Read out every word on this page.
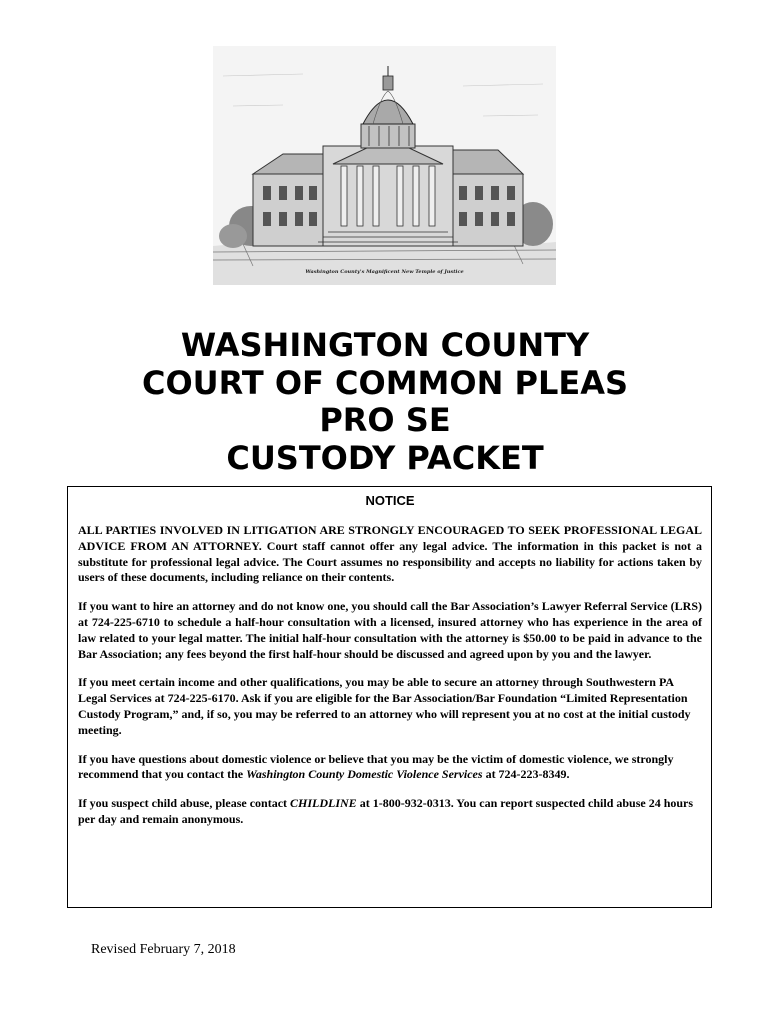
Washington County's Magnificent New Temple of Justice
WASHINGTON COUNTY
COURT OF COMMON PLEAS
PRO SE
CUSTODY PACKET
NOTICE

ALL PARTIES INVOLVED IN LITIGATION ARE STRONGLY ENCOURAGED TO SEEK PROFESSIONAL LEGAL ADVICE FROM AN ATTORNEY. Court staff cannot offer any legal advice. The information in this packet is not a substitute for professional legal advice. The Court assumes no responsibility and accepts no liability for actions taken by users of these documents, including reliance on their contents.

If you want to hire an attorney and do not know one, you should call the Bar Association’s Lawyer Referral Service (LRS) at 724-225-6710 to schedule a half-hour consultation with a licensed, insured attorney who has experience in the area of law related to your legal matter. The initial half-hour consultation with the attorney is $50.00 to be paid in advance to the Bar Association; any fees beyond the first half-hour should be discussed and agreed upon by you and the lawyer.

If you meet certain income and other qualifications, you may be able to secure an attorney through Southwestern PA Legal Services at 724-225-6170. Ask if you are eligible for the Bar Association/Bar Foundation “Limited Representation Custody Program,” and, if so, you may be referred to an attorney who will represent you at no cost at the initial custody meeting.

If you have questions about domestic violence or believe that you may be the victim of domestic violence, we strongly recommend that you contact the Washington County Domestic Violence Services at 724-223-8349.

If you suspect child abuse, please contact CHILDLINE at 1-800-932-0313. You can report suspected child abuse 24 hours per day and remain anonymous.

Revised February 7, 2018
